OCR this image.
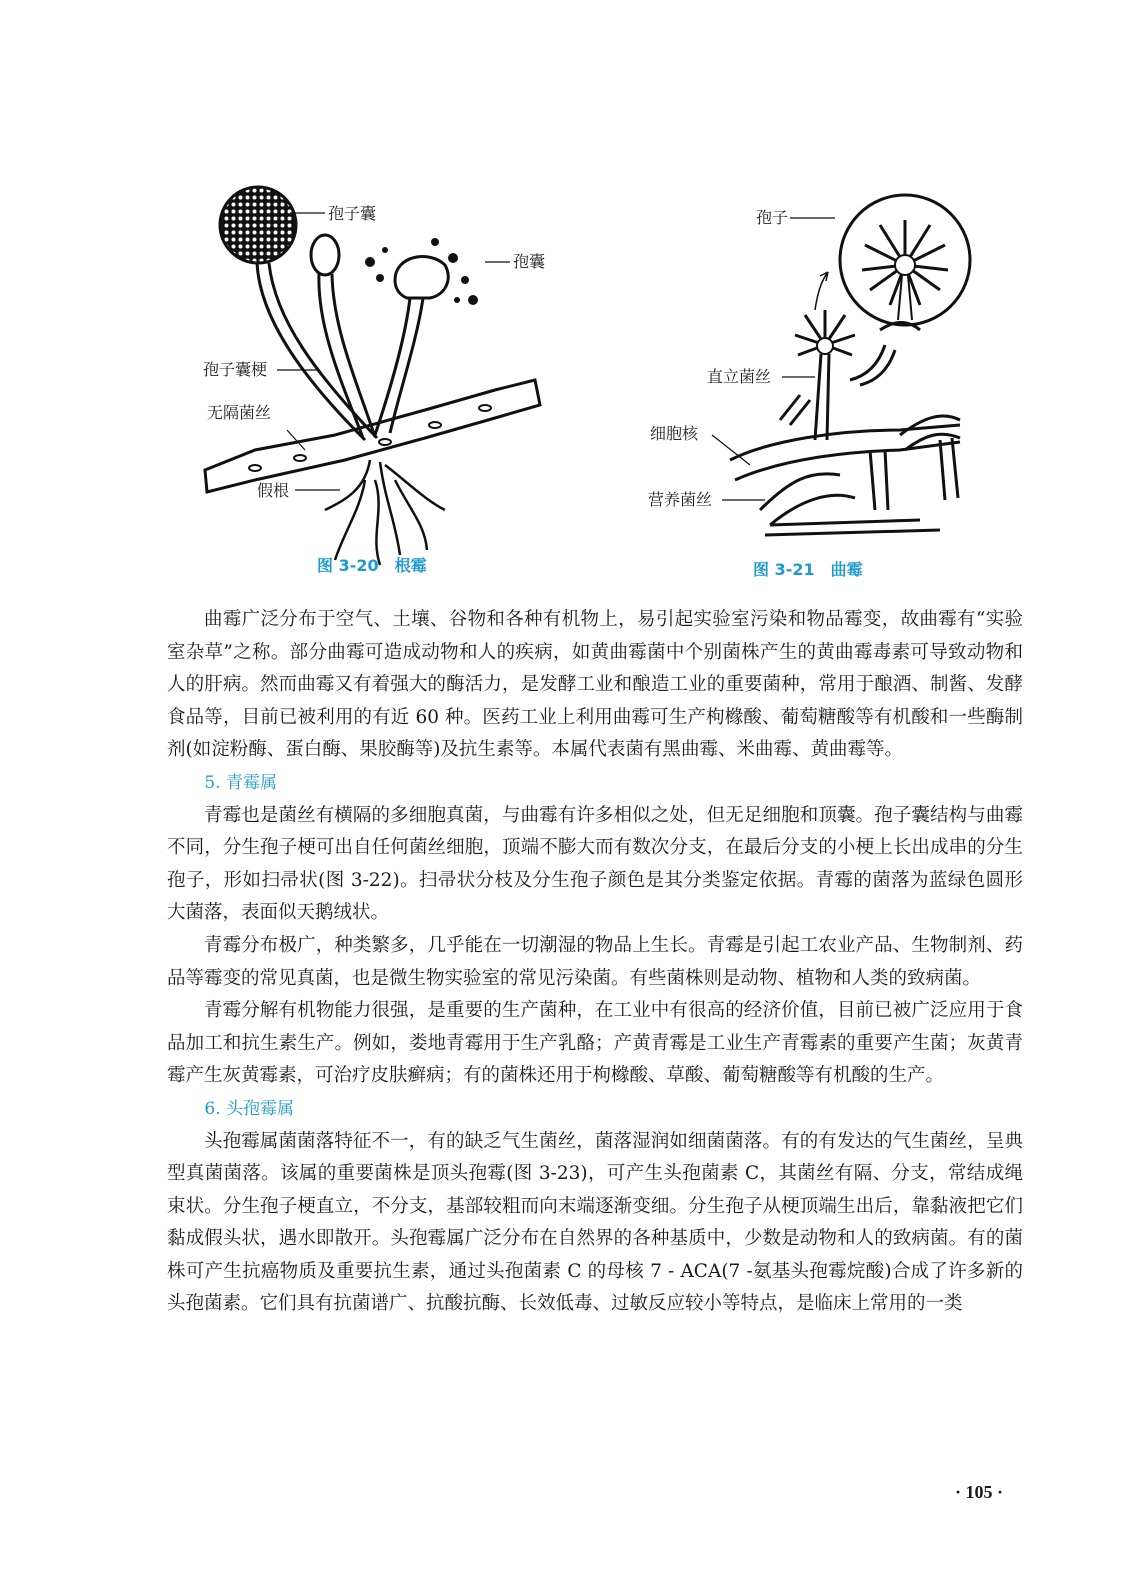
孢子囊
孢囊
孢子囊梗
无隔菌丝
假根
图 3-20　根霉
孢子
直立菌丝
细胞核
营养菌丝
图 3-21　曲霉

曲霉广泛分布于空气、土壤、谷物和各种有机物上，易引起实验室污染和物品霉变，故曲霉有“实验室杂草”之称。部分曲霉可造成动物和人的疾病，如黄曲霉菌中个别菌株产生的黄曲霉毒素可导致动物和人的肝病。然而曲霉又有着强大的酶活力，是发酵工业和酿造工业的重要菌种，常用于酿酒、制酱、发酵食品等，目前已被利用的有近 60 种。医药工业上利用曲霉可生产枸橼酸、葡萄糖酸等有机酸和一些酶制剂(如淀粉酶、蛋白酶、果胶酶等)及抗生素等。本属代表菌有黑曲霉、米曲霉、黄曲霉等。

5. 青霉属

青霉也是菌丝有横隔的多细胞真菌，与曲霉有许多相似之处，但无足细胞和顶囊。孢子囊结构与曲霉不同，分生孢子梗可出自任何菌丝细胞，顶端不膨大而有数次分支，在最后分支的小梗上长出成串的分生孢子，形如扫帚状(图 3-22)。扫帚状分枝及分生孢子颜色是其分类鉴定依据。青霉的菌落为蓝绿色圆形大菌落，表面似天鹅绒状。

青霉分布极广，种类繁多，几乎能在一切潮湿的物品上生长。青霉是引起工农业产品、生物制剂、药品等霉变的常见真菌，也是微生物实验室的常见污染菌。有些菌株则是动物、植物和人类的致病菌。

青霉分解有机物能力很强，是重要的生产菌种，在工业中有很高的经济价值，目前已被广泛应用于食品加工和抗生素生产。例如，娄地青霉用于生产乳酪；产黄青霉是工业生产青霉素的重要产生菌；灰黄青霉产生灰黄霉素，可治疗皮肤癣病；有的菌株还用于枸橼酸、草酸、葡萄糖酸等有机酸的生产。

6. 头孢霉属

头孢霉属菌菌落特征不一，有的缺乏气生菌丝，菌落湿润如细菌菌落。有的有发达的气生菌丝，呈典型真菌菌落。该属的重要菌株是顶头孢霉(图 3-23)，可产生头孢菌素 C，其菌丝有隔、分支，常结成绳束状。分生孢子梗直立，不分支，基部较粗而向末端逐渐变细。分生孢子从梗顶端生出后，靠黏液把它们黏成假头状，遇水即散开。头孢霉属广泛分布在自然界的各种基质中，少数是动物和人的致病菌。有的菌株可产生抗癌物质及重要抗生素，通过头孢菌素 C 的母核 7 - ACA(7 -氨基头孢霉烷酸)合成了许多新的头孢菌素。它们具有抗菌谱广、抗酸抗酶、长效低毒、过敏反应较小等特点，是临床上常用的一类

· 105 ·
